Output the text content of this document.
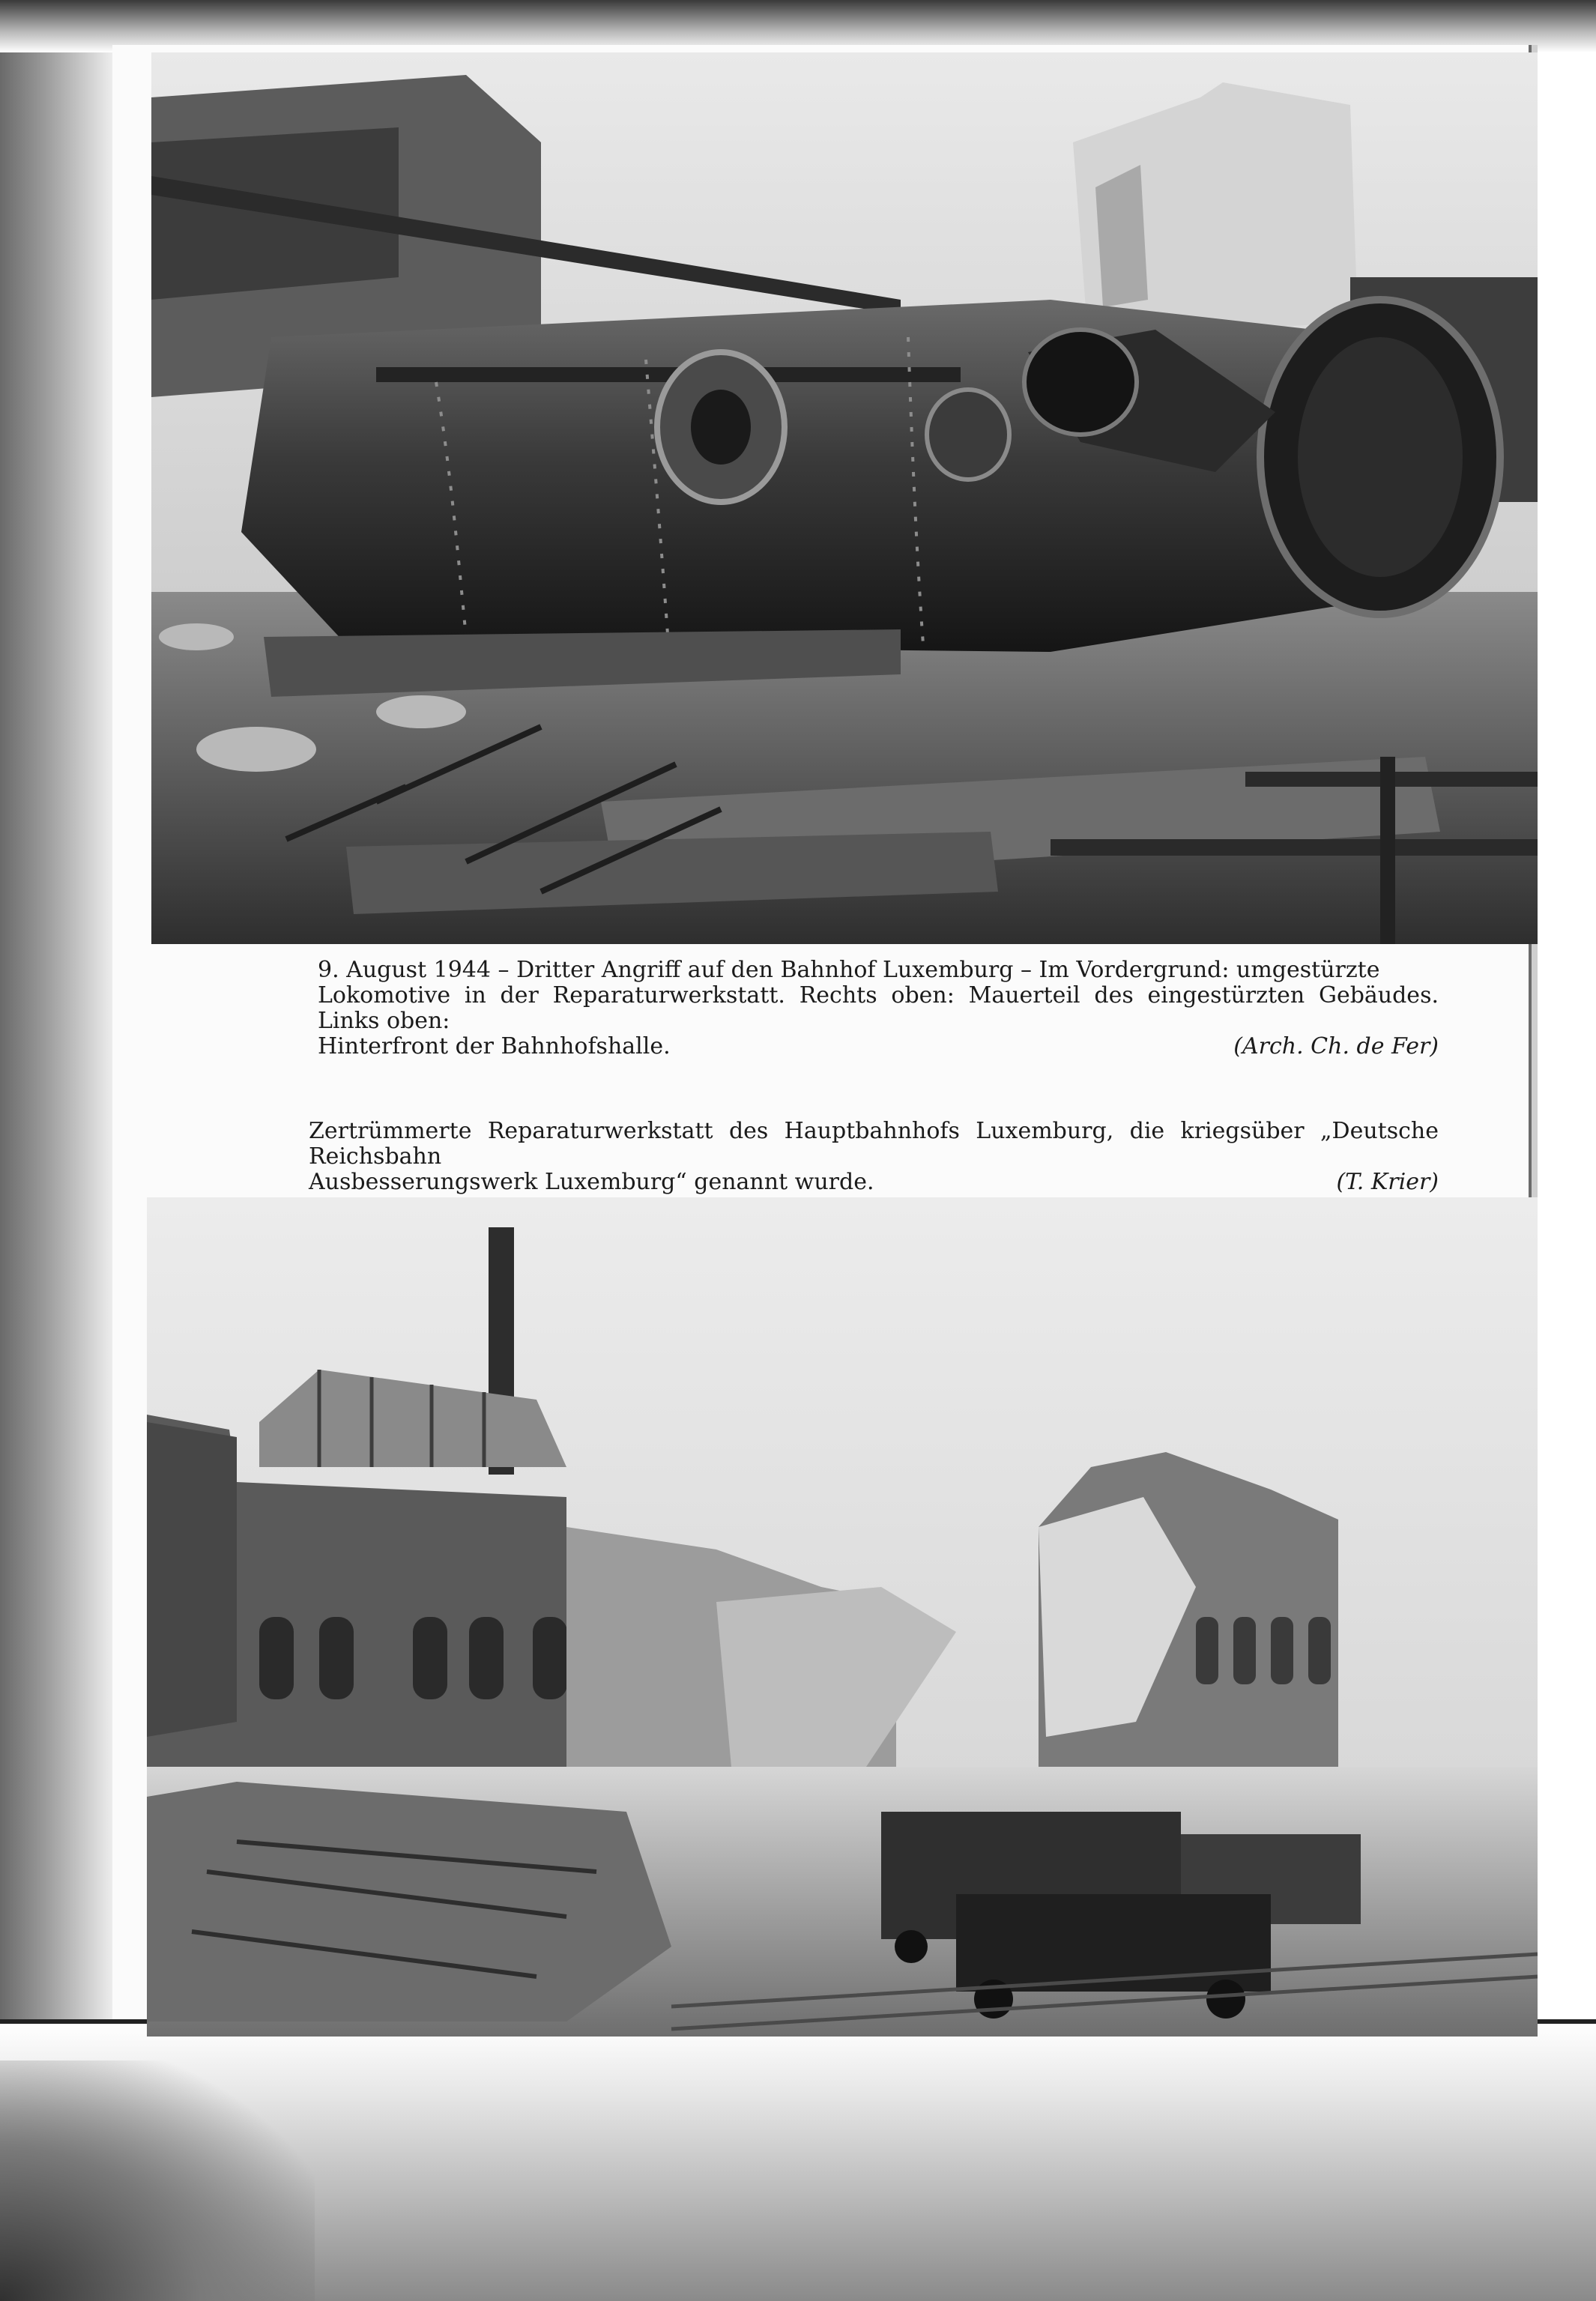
9. August 1944 – Dritter Angriff auf den Bahnhof Luxemburg – Im Vordergrund: umgestürzte

Lokomotive in der Reparaturwerkstatt. Rechts oben: Mauerteil des eingestürzten Gebäudes. Links oben:

Hinterfront der Bahnhofshalle.	(Arch. Ch. de Fer)

Zertrümmerte Reparaturwerkstatt des Hauptbahnhofs Luxemburg, die kriegsüber „Deutsche Reichsbahn

Ausbesserungswerk Luxemburg“ genannt wurde.	(T. Krier)
